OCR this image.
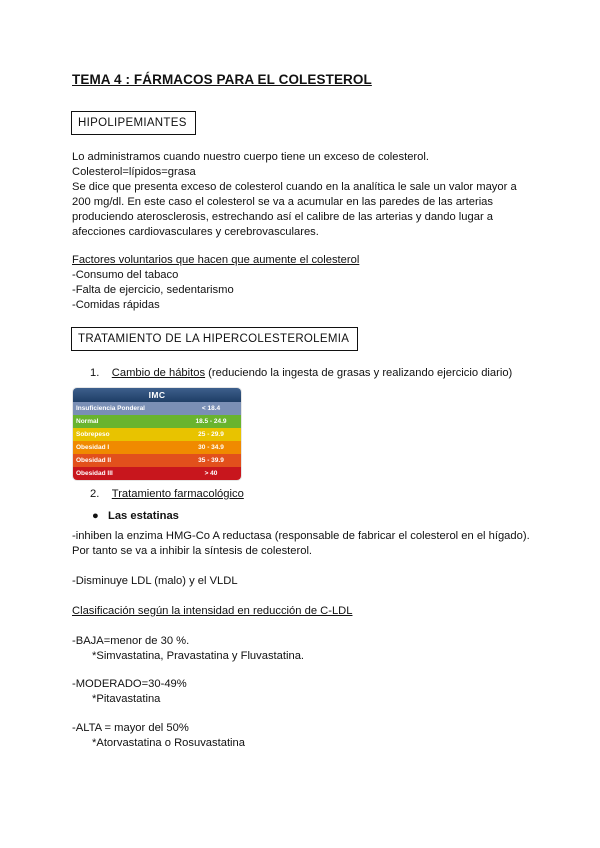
TEMA 4 : FÁRMACOS PARA EL COLESTEROL
HIPOLIPEMIANTES
Lo administramos cuando nuestro cuerpo tiene un exceso de colesterol.
Colesterol=lípidos=grasa
Se dice que presenta exceso de colesterol cuando en la analítica le sale un valor mayor a
200 mg/dl. En este caso el colesterol se va a acumular en las paredes de las arterias
produciendo aterosclerosis, estrechando así el calibre de las arterias y dando lugar a
afecciones cardiovasculares y cerebrovasculares.
Factores voluntarios que hacen que aumente el colesterol
-Consumo del tabaco
-Falta de ejercicio, sedentarismo
-Comidas rápidas
TRATAMIENTO DE LA HIPERCOLESTEROLEMIA
1. Cambio de hábitos (reduciendo la ingesta de grasas y realizando ejercicio diario)
IMC
Insuficiencia Ponderal	< 18.4
Normal	18.5 - 24.9
Sobrepeso	25 - 29.9
Obesidad I	30 - 34.9
Obesidad II	35 - 39.9
Obesidad III	> 40
2. Tratamiento farmacológico
● Las estatinas
-inhiben la enzima HMG-Co A reductasa (responsable de fabricar el colesterol en el hígado).
Por tanto se va a inhibir la síntesis de colesterol.
-Disminuye LDL (malo) y el VLDL
Clasificación según la intensidad en reducción de C-LDL
-BAJA=menor de 30 %.
*Simvastatina, Pravastatina y Fluvastatina.
-MODERADO=30-49%
*Pitavastatina
-ALTA = mayor del 50%
*Atorvastatina o Rosuvastatina
